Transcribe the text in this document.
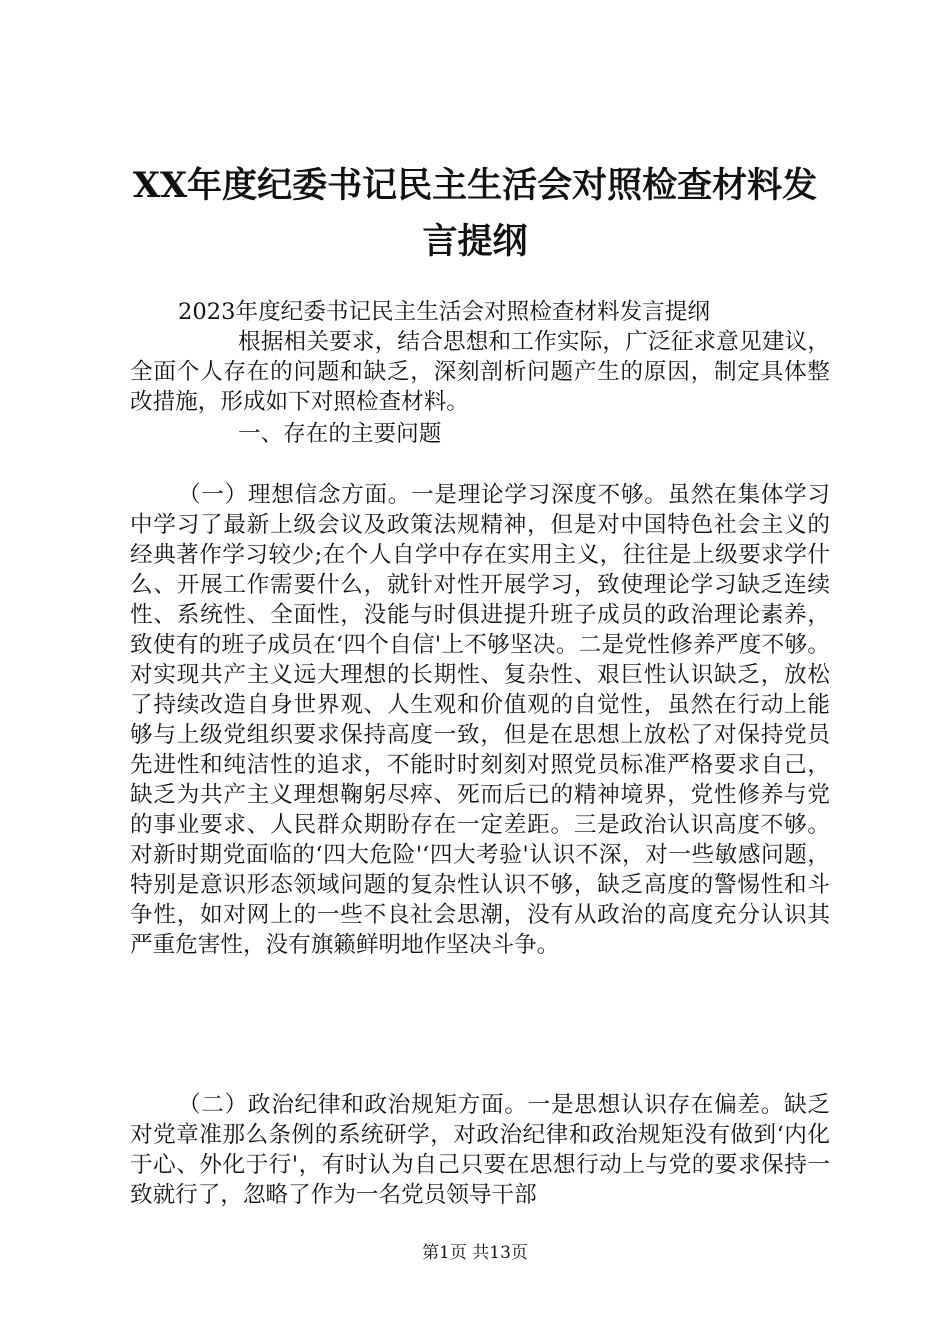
XX年度纪委书记民主生活会对照检查材料发
言提纲

2023年度纪委书记民主生活会对照检查材料发言提纲

根据相关要求，结合思想和工作实际，广泛征求意见建议，全面个人存在的问题和缺乏，深刻剖析问题产生的原因，制定具体整改措施，形成如下对照检查材料。

一、存在的主要问题

（一）理想信念方面。一是理论学习深度不够。虽然在集体学习中学习了最新上级会议及政策法规精神，但是对中国特色社会主义的经典著作学习较少;在个人自学中存在实用主义，往往是上级要求学什么、开展工作需要什么，就针对性开展学习，致使理论学习缺乏连续性、系统性、全面性，没能与时俱进提升班子成员的政治理论素养，致使有的班子成员在‘四个自信'上不够坚决。二是党性修养严度不够。对实现共产主义远大理想的长期性、复杂性、艰巨性认识缺乏，放松了持续改造自身世界观、人生观和价值观的自觉性，虽然在行动上能够与上级党组织要求保持高度一致，但是在思想上放松了对保持党员先进性和纯洁性的追求，不能时时刻刻对照党员标准严格要求自己，缺乏为共产主义理想鞠躬尽瘁、死而后已的精神境界，党性修养与党的事业要求、人民群众期盼存在一定差距。三是政治认识高度不够。对新时期党面临的‘四大危险'‘四大考验'认识不深，对一些敏感问题，特别是意识形态领域问题的复杂性认识不够，缺乏高度的警惕性和斗争性，如对网上的一些不良社会思潮，没有从政治的高度充分认识其严重危害性，没有旗籁鲜明地作坚决斗争。

（二）政治纪律和政治规矩方面。一是思想认识存在偏差。缺乏对党章准那么条例的系统研学，对政治纪律和政治规矩没有做到‘内化于心、外化于行'，有时认为自己只要在思想行动上与党的要求保持一致就行了，忽略了作为一名党员领导干部

第1页 共13页
